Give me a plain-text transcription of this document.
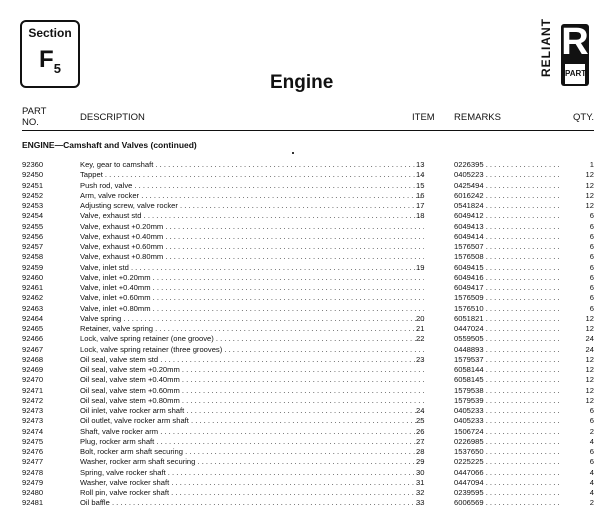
Section
$F_5$	RELIANT R
PART
Engine
PART
NO.	DESCRIPTION	ITEM REMARKS	QTY.
ENGINE—Camshaft and Valves (continued)
92360	Key, gear to camshaft . . .	13	0226395 . . .	1
92450	Tappet . . .	14	0405223 . . .	12
92451	Push rod, valve . . .	15	0425494 . . .	12
92452	Arm, valve rocker . . .	16	6016242 . . .	12
92453	Adjusting screw, valve rocker . . .	17	0541824 . . .	12
92454	Valve, exhaust std . . .	18	6049412 . . .	6
92455	Valve, exhaust +0.20mm . . .	6049413 . . .	6
92456	Valve, exhaust +0.40mm . . .	6049414 . . .	6
92457	Valve, exhaust +0.60mm . . .	1576507 . . .	6
92458	Valve, exhaust +0.80mm . . .	1576508 . . .	6
92459	Valve, inlet std . . .	19	6049415 . . .	6
92460	Valve, inlet +0.20mm . . .	6049416 . . .	6
92461	Valve, inlet +0.40mm . . .	6049417 . . .	6
92462	Valve, inlet +0.60mm . . .	1576509 . . .	6
92463	Valve, inlet +0.80mm . . .	1576510 . . .	6
92464	Valve spring . . .	20	6051821 . . .	12
92465	Retainer, valve spring . . .	21	0447024 . . .	12
92466	Lock, valve spring retainer (one groove) . . .	22	0559505 . . .	24
92467	Lock, valve spring retainer (three grooves) . . .	0448893 . . .	24
92468	Oil seal, valve stem std . . .	23	1579537 . . .	12
92469	Oil seal, valve stem +0.20mm . . .	6058144 . . .	12
92470	Oil seal, valve stem +0.40mm . . .	6058145 . . .	12
92471	Oil seal, valve stem +0.60mm . . .	1579538 . . .	12
92472	Oil seal, valve stem +0.80mm . . .	1579539 . . .	12
92473	Oil inlet, valve rocker arm shaft . . .	24	0405233 . . .	6
92473	Oil outlet, valve rocker arm shaft . . .	25	0405233 . . .	6
92474	Shaft, valve rocker arm . . .	26	1506724 . . .	2
92475	Plug, rocker arm shaft . . .	27	0226985 . . .	4
92476	Bolt, rocker arm shaft securing . . .	28	1537650 . . .	6
92477	Washer, rocker arm shaft securing . . .	29	0225225 . . .	6
92478	Spring, valve rocker shaft . . .	30	0447066 . . .	4
92479	Washer, valve rocker shaft . . .	31	0447094 . . .	4
92480	Roll pin, valve rocker shaft . . .	32	0239595 . . .	4
92481	Oil baffle . . .	33	6006569 . . .	2
